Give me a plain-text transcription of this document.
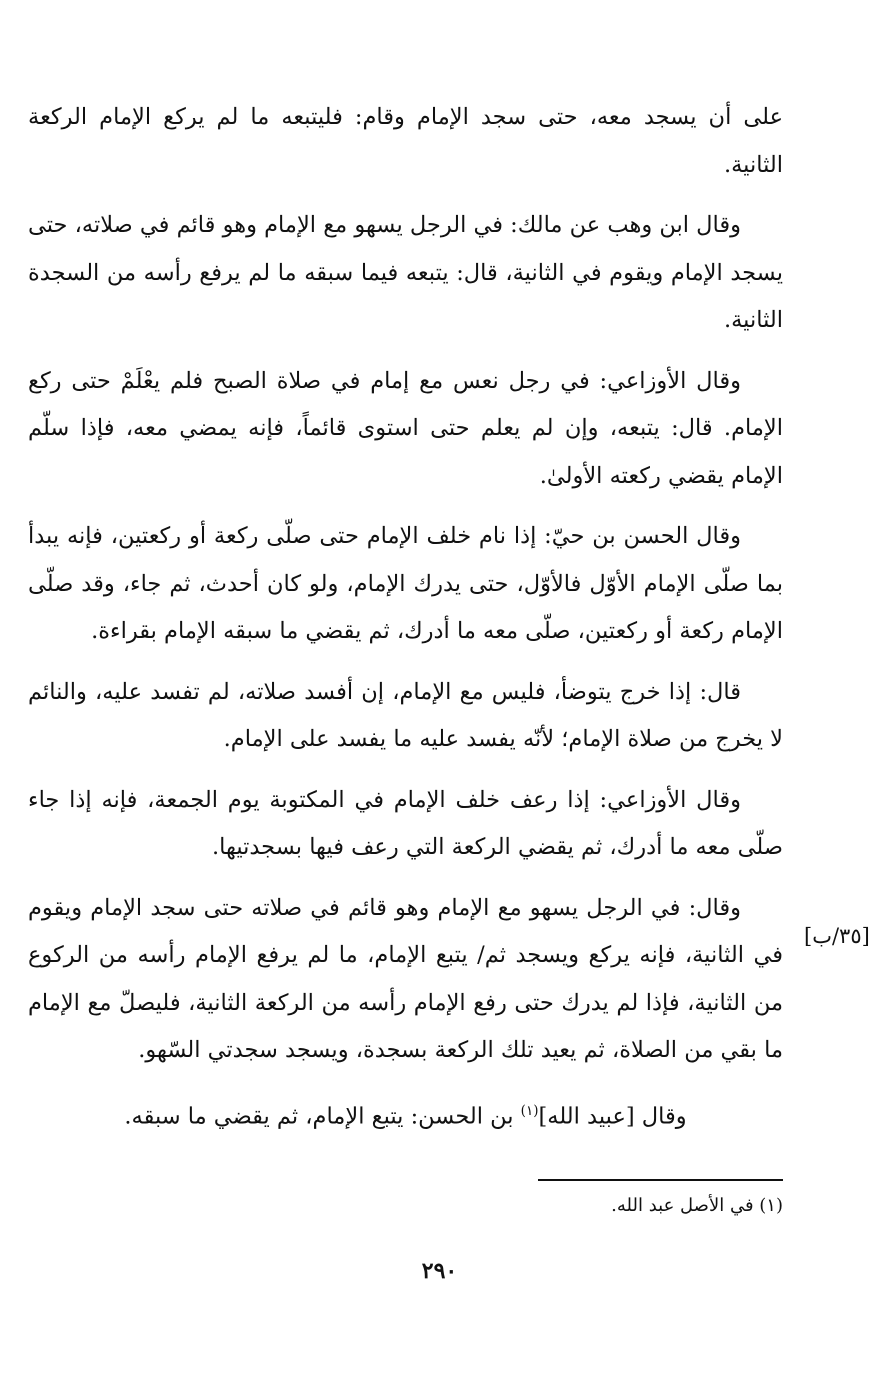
على أن يسجد معه، حتى سجد الإمام وقام: فليتبعه ما لم يركع الإمام الركعة الثانية.

وقال ابن وهب عن مالك: في الرجل يسهو مع الإمام وهو قائم في صلاته، حتى يسجد الإمام ويقوم في الثانية، قال: يتبعه فيما سبقه ما لم يرفع رأسه من السجدة الثانية.

وقال الأوزاعي: في رجل نعس مع إمام في صلاة الصبح فلم يعْلَمْ حتى ركع الإمام. قال: يتبعه، وإن لم يعلم حتى استوى قائماً، فإنه يمضي معه، فإذا سلّم الإمام يقضي ركعته الأولىٰ.

وقال الحسن بن حيّ: إذا نام خلف الإمام حتى صلّى ركعة أو ركعتين، فإنه يبدأ بما صلّى الإمام الأوّل فالأوّل، حتى يدرك الإمام، ولو كان أحدث، ثم جاء، وقد صلّى الإمام ركعة أو ركعتين، صلّى معه ما أدرك، ثم يقضي ما سبقه الإمام بقراءة.

قال: إذا خرج يتوضأ، فليس مع الإمام، إن أفسد صلاته، لم تفسد عليه، والنائم لا يخرج من صلاة الإمام؛ لأنّه يفسد عليه ما يفسد على الإمام.

وقال الأوزاعي: إذا رعف خلف الإمام في المكتوبة يوم الجمعة، فإنه إذا جاء صلّى معه ما أدرك، ثم يقضي الركعة التي رعف فيها بسجدتيها.

وقال: في الرجل يسهو مع الإمام وهو قائم في صلاته حتى سجد الإمام ويقوم في الثانية، فإنه يركع ويسجد ثم/ يتبع الإمام، ما لم يرفع الإمام رأسه من الركوع من الثانية، فإذا لم يدرك حتى رفع الإمام رأسه من الركعة الثانية، فليصلّ مع الإمام ما بقي من الصلاة، ثم يعيد تلك الركعة بسجدة، ويسجد سجدتي السّهو.

وقال [عبيد الله]$^{(١)}$ بن الحسن: يتبع الإمام، ثم يقضي ما سبقه.

[٣٥/ب]
(١) في الأصل عبد الله.
٢٩٠
